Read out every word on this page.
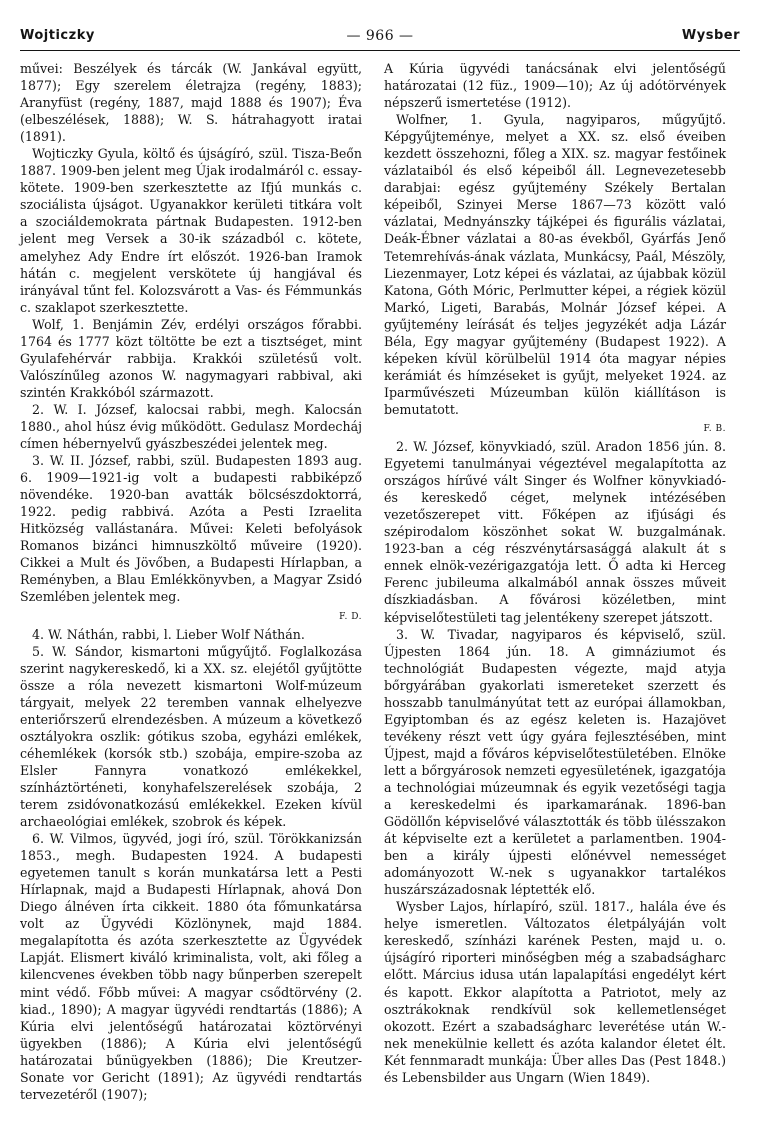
Wojticzky	— 966 —	Wysber

művei: Beszélyek és tárcák (W. Jankával együtt, 1877); Egy szerelem életrajza (regény, 1883); Aranyfüst (regény, 1887, majd 1888 és 1907); Éva (elbeszélések, 1888); W. S. hátrahagyott iratai (1891).

Wojticzky Gyula, költő és újságíró, szül. Tisza-Beőn 1887. 1909-ben jelent meg Újak irodalmáról c. essay-kötete. 1909-ben szerkesztette az Ifjú munkás c. szociálista újságot. Ugyanakkor kerületi titkára volt a szociáldemokrata pártnak Budapesten. 1912-ben jelent meg Versek a 30-ik századból c. kötete, amelyhez Ady Endre írt előszót. 1926-ban Iramok hátán c. megjelent verskötete új hangjával és irányával tűnt fel. Kolozsvárott a Vas- és Fémmunkás c. szaklapot szerkesztette.

Wolf, 1. Benjámin Zév, erdélyi országos főrabbi. 1764 és 1777 közt töltötte be ezt a tisztséget, mint Gyulafehérvár rabbija. Krakkói születésű volt. Valószínűleg azonos W. nagymagyari rabbival, aki szintén Krakkóból származott.

2. W. I. József, kalocsai rabbi, megh. Kalocsán 1880., ahol húsz évig működött. Gedulasz Mordecháj címen hébernyelvű gyászbeszédei jelentek meg.

3. W. II. József, rabbi, szül. Budapesten 1893 aug. 6. 1909—1921-ig volt a budapesti rabbiképző növendéke. 1920-ban avatták bölcsészdoktorrá, 1922. pedig rabbivá. Azóta a Pesti Izraelita Hitközség vallástanára. Művei: Keleti befolyások Romanos bizánci himnuszköltő műveire (1920). Cikkei a Mult és Jövőben, a Budapesti Hírlapban, a Reményben, a Blau Emlékkönyvben, a Magyar Zsidó Szemlében jelentek meg.

F. D.

4. W. Náthán, rabbi, l. Lieber Wolf Náthán.

5. W. Sándor, kismartoni műgyűjtő. Foglalkozása szerint nagykereskedő, ki a XX. sz. elejétől gyűjtötte össze a róla nevezett kismartoni Wolf-múzeum tárgyait, melyek 22 teremben vannak elhelyezve enteriőrszerű elrendezésben. A múzeum a következő osztályokra oszlik: gótikus szoba, egyházi emlékek, céhemlékek (korsók stb.) szobája, empire-szoba az Elsler Fannyra vonatkozó emlékekkel, színháztörténeti, konyhafelszerelések szobája, 2 terem zsidóvonatkozású emlékekkel. Ezeken kívül archaeológiai emlékek, szobrok és képek.

6. W. Vilmos, ügyvéd, jogi író, szül. Törökkanizsán 1853., megh. Budapesten 1924. A budapesti egyetemen tanult s korán munkatársa lett a Pesti Hírlapnak, majd a Budapesti Hírlapnak, ahová Don Diego álnéven írta cikkeit. 1880 óta főmunkatársa volt az Ügyvédi Közlönynek, majd 1884. megalapította és azóta szerkesztette az Ügyvédek Lapját. Elismert kiváló kriminalista, volt, aki főleg a kilencvenes években több nagy bűnperben szerepelt mint védő. Főbb művei: A magyar csődtörvény (2. kiad., 1890); A magyar ügyvédi rendtartás (1886); A Kúria elvi jelentőségű határozatai köztörvényi ügyekben (1886); A Kúria elvi jelentőségű határozatai bűnügyekben (1886); Die Kreutzer-Sonate vor Gericht (1891); Az ügyvédi rendtartás tervezetéről (1907);

A Kúria ügyvédi tanácsának elvi jelentőségű határozatai (12 füz., 1909—10); Az új adótörvények népszerű ismertetése (1912).

Wolfner, 1. Gyula, nagyiparos, műgyűjtő. Képgyűjteménye, melyet a XX. sz. első éveiben kezdett összehozni, főleg a XIX. sz. magyar festőinek vázlataiból és első képeiből áll. Legnevezetesebb darabjai: egész gyűjtemény Székely Bertalan képeiből, Szinyei Merse 1867—73 között való vázlatai, Mednyánszky tájképei és figurális vázlatai, Deák-Ébner vázlatai a 80-as évekből, Gyárfás Jenő Tetemrehívás-ának vázlata, Munkácsy, Paál, Mészöly, Liezenmayer, Lotz képei és vázlatai, az újabbak közül Katona, Góth Móric, Perlmutter képei, a régiek közül Markó, Ligeti, Barabás, Molnár József képei. A gyűjtemény leírását és teljes jegyzékét adja Lázár Béla, Egy magyar gyűjtemény (Budapest 1922). A képeken kívül körülbelül 1914 óta magyar népies kerámiát és hímzéseket is gyűjt, melyeket 1924. az Iparművészeti Múzeumban külön kiállításon is bemutatott.

F. B.

2. W. József, könyvkiadó, szül. Aradon 1856 jún. 8. Egyetemi tanulmányai végeztével megalapította az országos hírűvé vált Singer és Wolfner könyvkiadó- és kereskedő céget, melynek intézésében vezetőszerepet vitt. Főképen az ifjúsági és szépirodalom köszönhet sokat W. buzgalmának. 1923-ban a cég részvénytársasággá alakult át s ennek elnök-vezérigazgatója lett. Ő adta ki Herceg Ferenc jubileuma alkalmából annak összes műveit díszkiadásban. A fővárosi közéletben, mint képviselőtestületi tag jelentékeny szerepet játszott.

3. W. Tivadar, nagyiparos és képviselő, szül. Újpesten 1864 jún. 18. A gimnáziumot és technológiát Budapesten végezte, majd atyja bőrgyárában gyakorlati ismereteket szerzett és hosszabb tanulmányútat tett az európai államokban, Egyiptomban és az egész keleten is. Hazajövet tevékeny részt vett úgy gyára fejlesztésében, mint Újpest, majd a főváros képviselőtestületében. Elnöke lett a bőrgyárosok nemzeti egyesületének, igazgatója a technológiai múzeumnak és egyik vezetőségi tagja a kereskedelmi és iparkamarának. 1896-ban Gödöllőn képviselővé választották és több ülésszakon át képviselte ezt a kerületet a parlamentben. 1904-ben a király újpesti előnévvel nemességet adományozott W.-nek s ugyanakkor tartalékos huszárszázadosnak léptették elő.

Wysber Lajos, hírlapíró, szül. 1817., halála éve és helye ismeretlen. Változatos életpályáján volt kereskedő, színházi karének Pesten, majd u. o. újságíró riporteri minőségben még a szabadságharc előtt. Március idusa után lapalapítási engedélyt kért és kapott. Ekkor alapította a Patriotot, mely az osztrákoknak rendkívül sok kellemetlenséget okozott. Ezért a szabadságharc leverétése után W.-nek menekülnie kellett és azóta kalandor életet élt. Két fennmaradt munkája: Über alles Das (Pest 1848.) és Lebensbilder aus Ungarn (Wien 1849).
